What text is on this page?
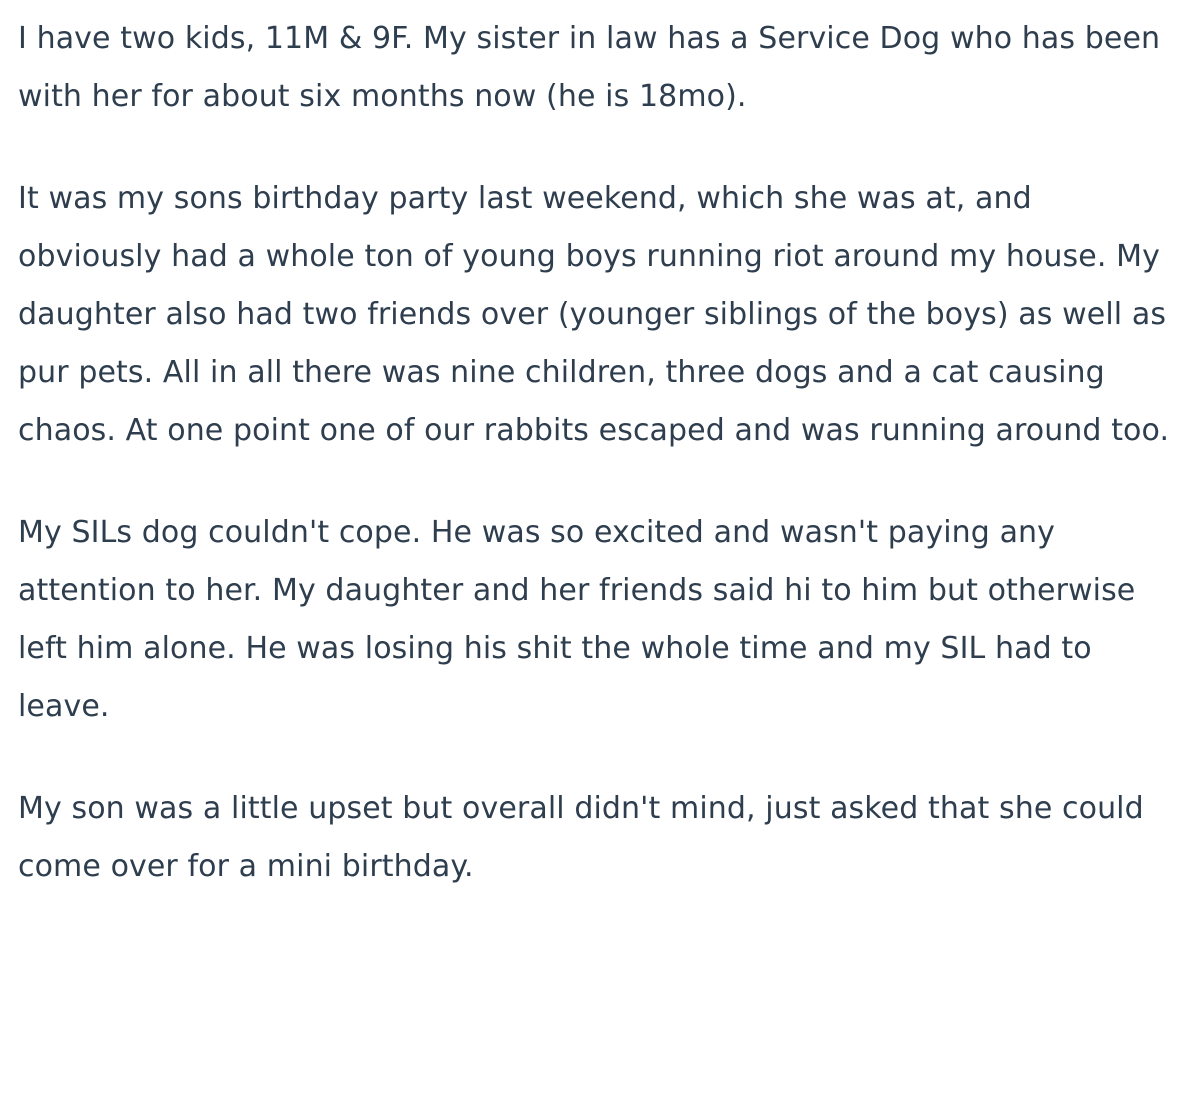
I have two kids, 11M & 9F. My sister in law has a Service Dog who has been with her for about six months now (he is 18mo).

It was my sons birthday party last weekend, which she was at, and obviously had a whole ton of young boys running riot around my house. My daughter also had two friends over (younger siblings of the boys) as well as pur pets. All in all there was nine children, three dogs and a cat causing chaos. At one point one of our rabbits escaped and was running around too.

My SILs dog couldn't cope. He was so excited and wasn't paying any attention to her. My daughter and her friends said hi to him but otherwise left him alone. He was losing his shit the whole time and my SIL had to leave.

My son was a little upset but overall didn't mind, just asked that she could come over for a mini birthday.
